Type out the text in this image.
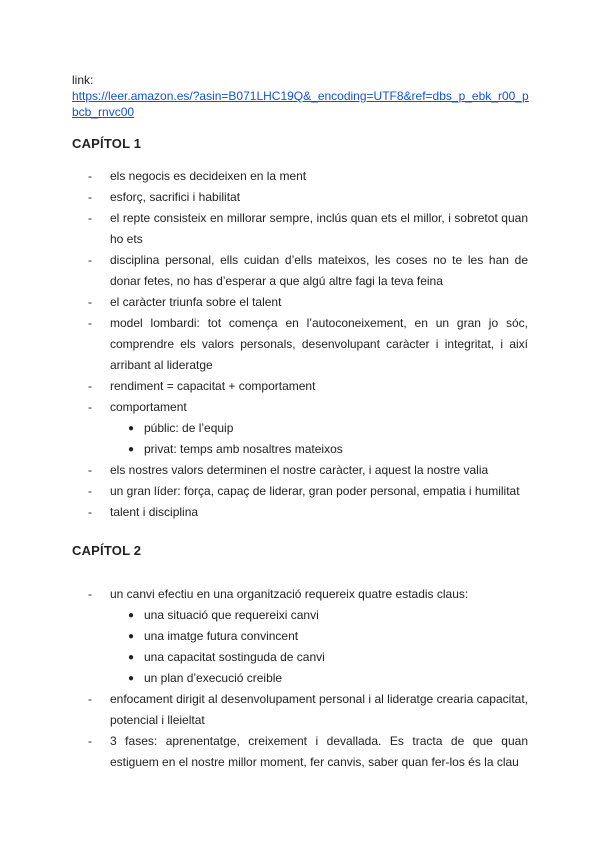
link:
https://leer.amazon.es/?asin=B071LHC19Q&_encoding=UTF8&ref=dbs_p_ebk_r00_pbcb_rnvc00
CAPÍTOL 1
- els negocis es decideixen en la ment
- esforç, sacrifici i habilitat
- el repte consisteix en millorar sempre, inclús quan ets el millor, i sobretot quan ho ets
- disciplina personal, ells cuidan d’ells mateixos, les coses no te les han de donar fetes, no has d’esperar a que algú altre fagi la teva feina
- el caràcter triunfa sobre el talent
- model lombardi: tot comença en l’autoconeixement, en un gran jo sóc, comprendre els valors personals, desenvolupant caràcter i integritat, i així arribant al lideratge
- rendiment = capacitat + comportament
- comportament
● públic: de l’equip
● privat: temps amb nosaltres mateixos
- els nostres valors determinen el nostre caràcter, i aquest la nostre valia
- un gran líder: força, capaç de liderar, gran poder personal, empatia i humilitat
- talent i disciplina
CAPÍTOL 2
- un canvi efectiu en una organització requereix quatre estadis claus:
● una situació que requereixi canvi
● una imatge futura convincent
● una capacitat sostinguda de canvi
● un plan d’execució creible
- enfocament dirigit al desenvolupament personal i al lideratge crearia capacitat, potencial i lleieltat
- 3 fases: aprenentatge, creixement i devallada. Es tracta de que quan estiguem en el nostre millor moment, fer canvis, saber quan fer-los és la clau
